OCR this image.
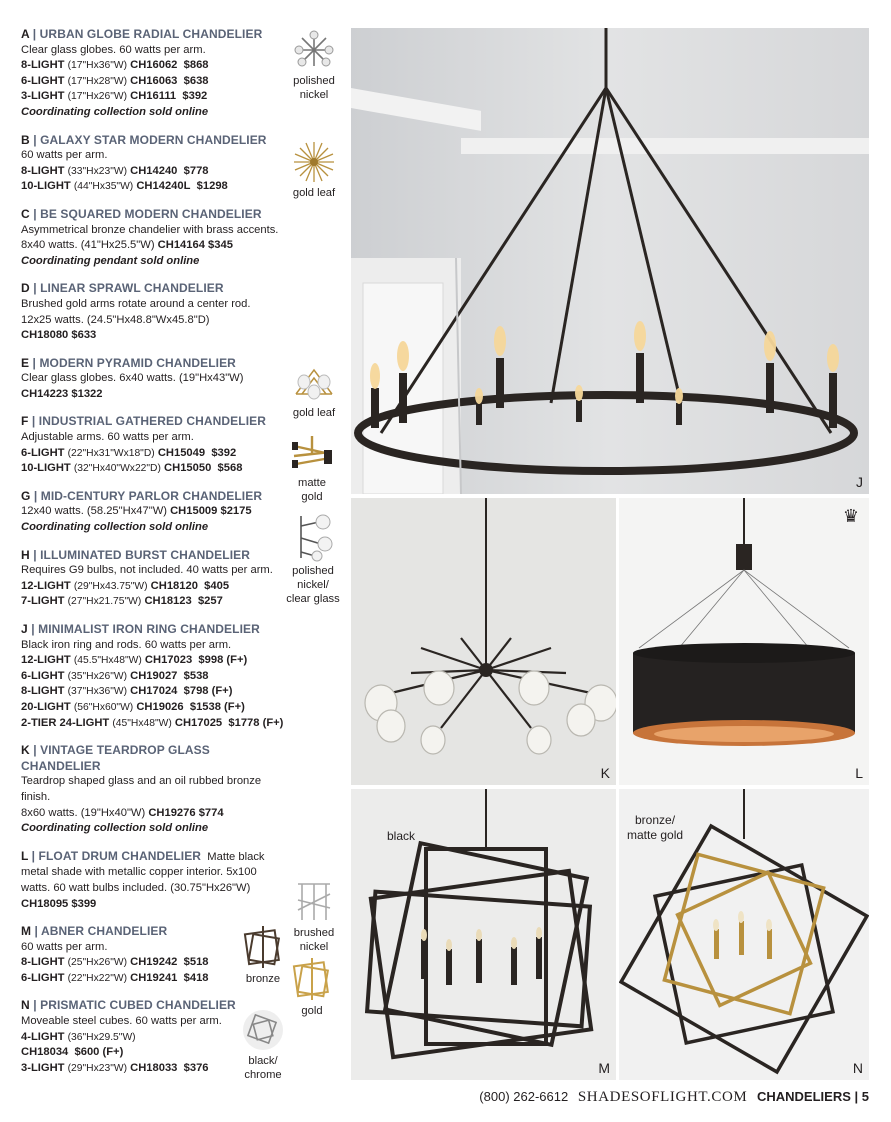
A | URBAN GLOBE RADIAL CHANDELIER
Clear glass globes. 60 watts per arm.
8-LIGHT (17"Hx36"W) CH16062 $868
6-LIGHT (17"Hx28"W) CH16063 $638
3-LIGHT (17"Hx26"W) CH16111 $392
Coordinating collection sold online
B | GALAXY STAR MODERN CHANDELIER
60 watts per arm.
8-LIGHT (33"Hx23"W) CH14240 $778
10-LIGHT (44"Hx35"W) CH14240L $1298
C | BE SQUARED MODERN CHANDELIER
Asymmetrical bronze chandelier with brass accents.
8x40 watts. (41"Hx25.5"W) CH14164 $345
Coordinating pendant sold online
D | LINEAR SPRAWL CHANDELIER
Brushed gold arms rotate around a center rod.
12x25 watts. (24.5"Hx48.8"Wx45.8"D)
CH18080 $633
E | MODERN PYRAMID CHANDELIER
Clear glass globes. 6x40 watts. (19"Hx43"W)
CH14223 $1322
F | INDUSTRIAL GATHERED CHANDELIER
Adjustable arms. 60 watts per arm.
6-LIGHT (22"Hx31"Wx18"D) CH15049 $392
10-LIGHT (32"Hx40"Wx22"D) CH15050 $568
G | MID-CENTURY PARLOR CHANDELIER
12x40 watts. (58.25"Hx47"W) CH15009 $2175
Coordinating collection sold online
H | ILLUMINATED BURST CHANDELIER
Requires G9 bulbs, not included. 40 watts per arm.
12-LIGHT (29"Hx43.75"W) CH18120 $405
7-LIGHT (27"Hx21.75"W) CH18123 $257
J | MINIMALIST IRON RING CHANDELIER
Black iron ring and rods. 60 watts per arm.
12-LIGHT (45.5"Hx48"W) CH17023 $998 (F+)
6-LIGHT (35"Hx26"W) CH19027 $538
8-LIGHT (37"Hx36"W) CH17024 $798 (F+)
20-LIGHT (56"Hx60"W) CH19026 $1538 (F+)
2-TIER 24-LIGHT (45"Hx48"W) CH17025 $1778 (F+)
K | VINTAGE TEARDROP GLASS CHANDELIER
Teardrop shaped glass and an oil rubbed bronze finish.
8x60 watts. (19"Hx40"W) CH19276 $774
Coordinating collection sold online
L | FLOAT DRUM CHANDELIER Matte black metal shade with metallic copper interior. 5x100 watts. 60 watt bulbs included. (30.75"Hx26"W) CH18095 $399
M | ABNER CHANDELIER
60 watts per arm.
8-LIGHT (25"Hx26"W) CH19242 $518
6-LIGHT (22"Hx22"W) CH19241 $418
N | PRISMATIC CUBED CHANDELIER
Moveable steel cubes. 60 watts per arm.
4-LIGHT (36"Hx29.5"W)
CH18034 $600 (F+)
3-LIGHT (29"Hx23"W) CH18033 $376
polished
nickel
gold leaf
gold leaf
matte
gold
polished
nickel/
clear glass
brushed
nickel
bronze
gold
black/
chrome
J
K
♛
L
black
M
bronze/
matte gold
N
(800) 262-6612 SHADESOFLIGHT.COM CHANDELIERS | 5
